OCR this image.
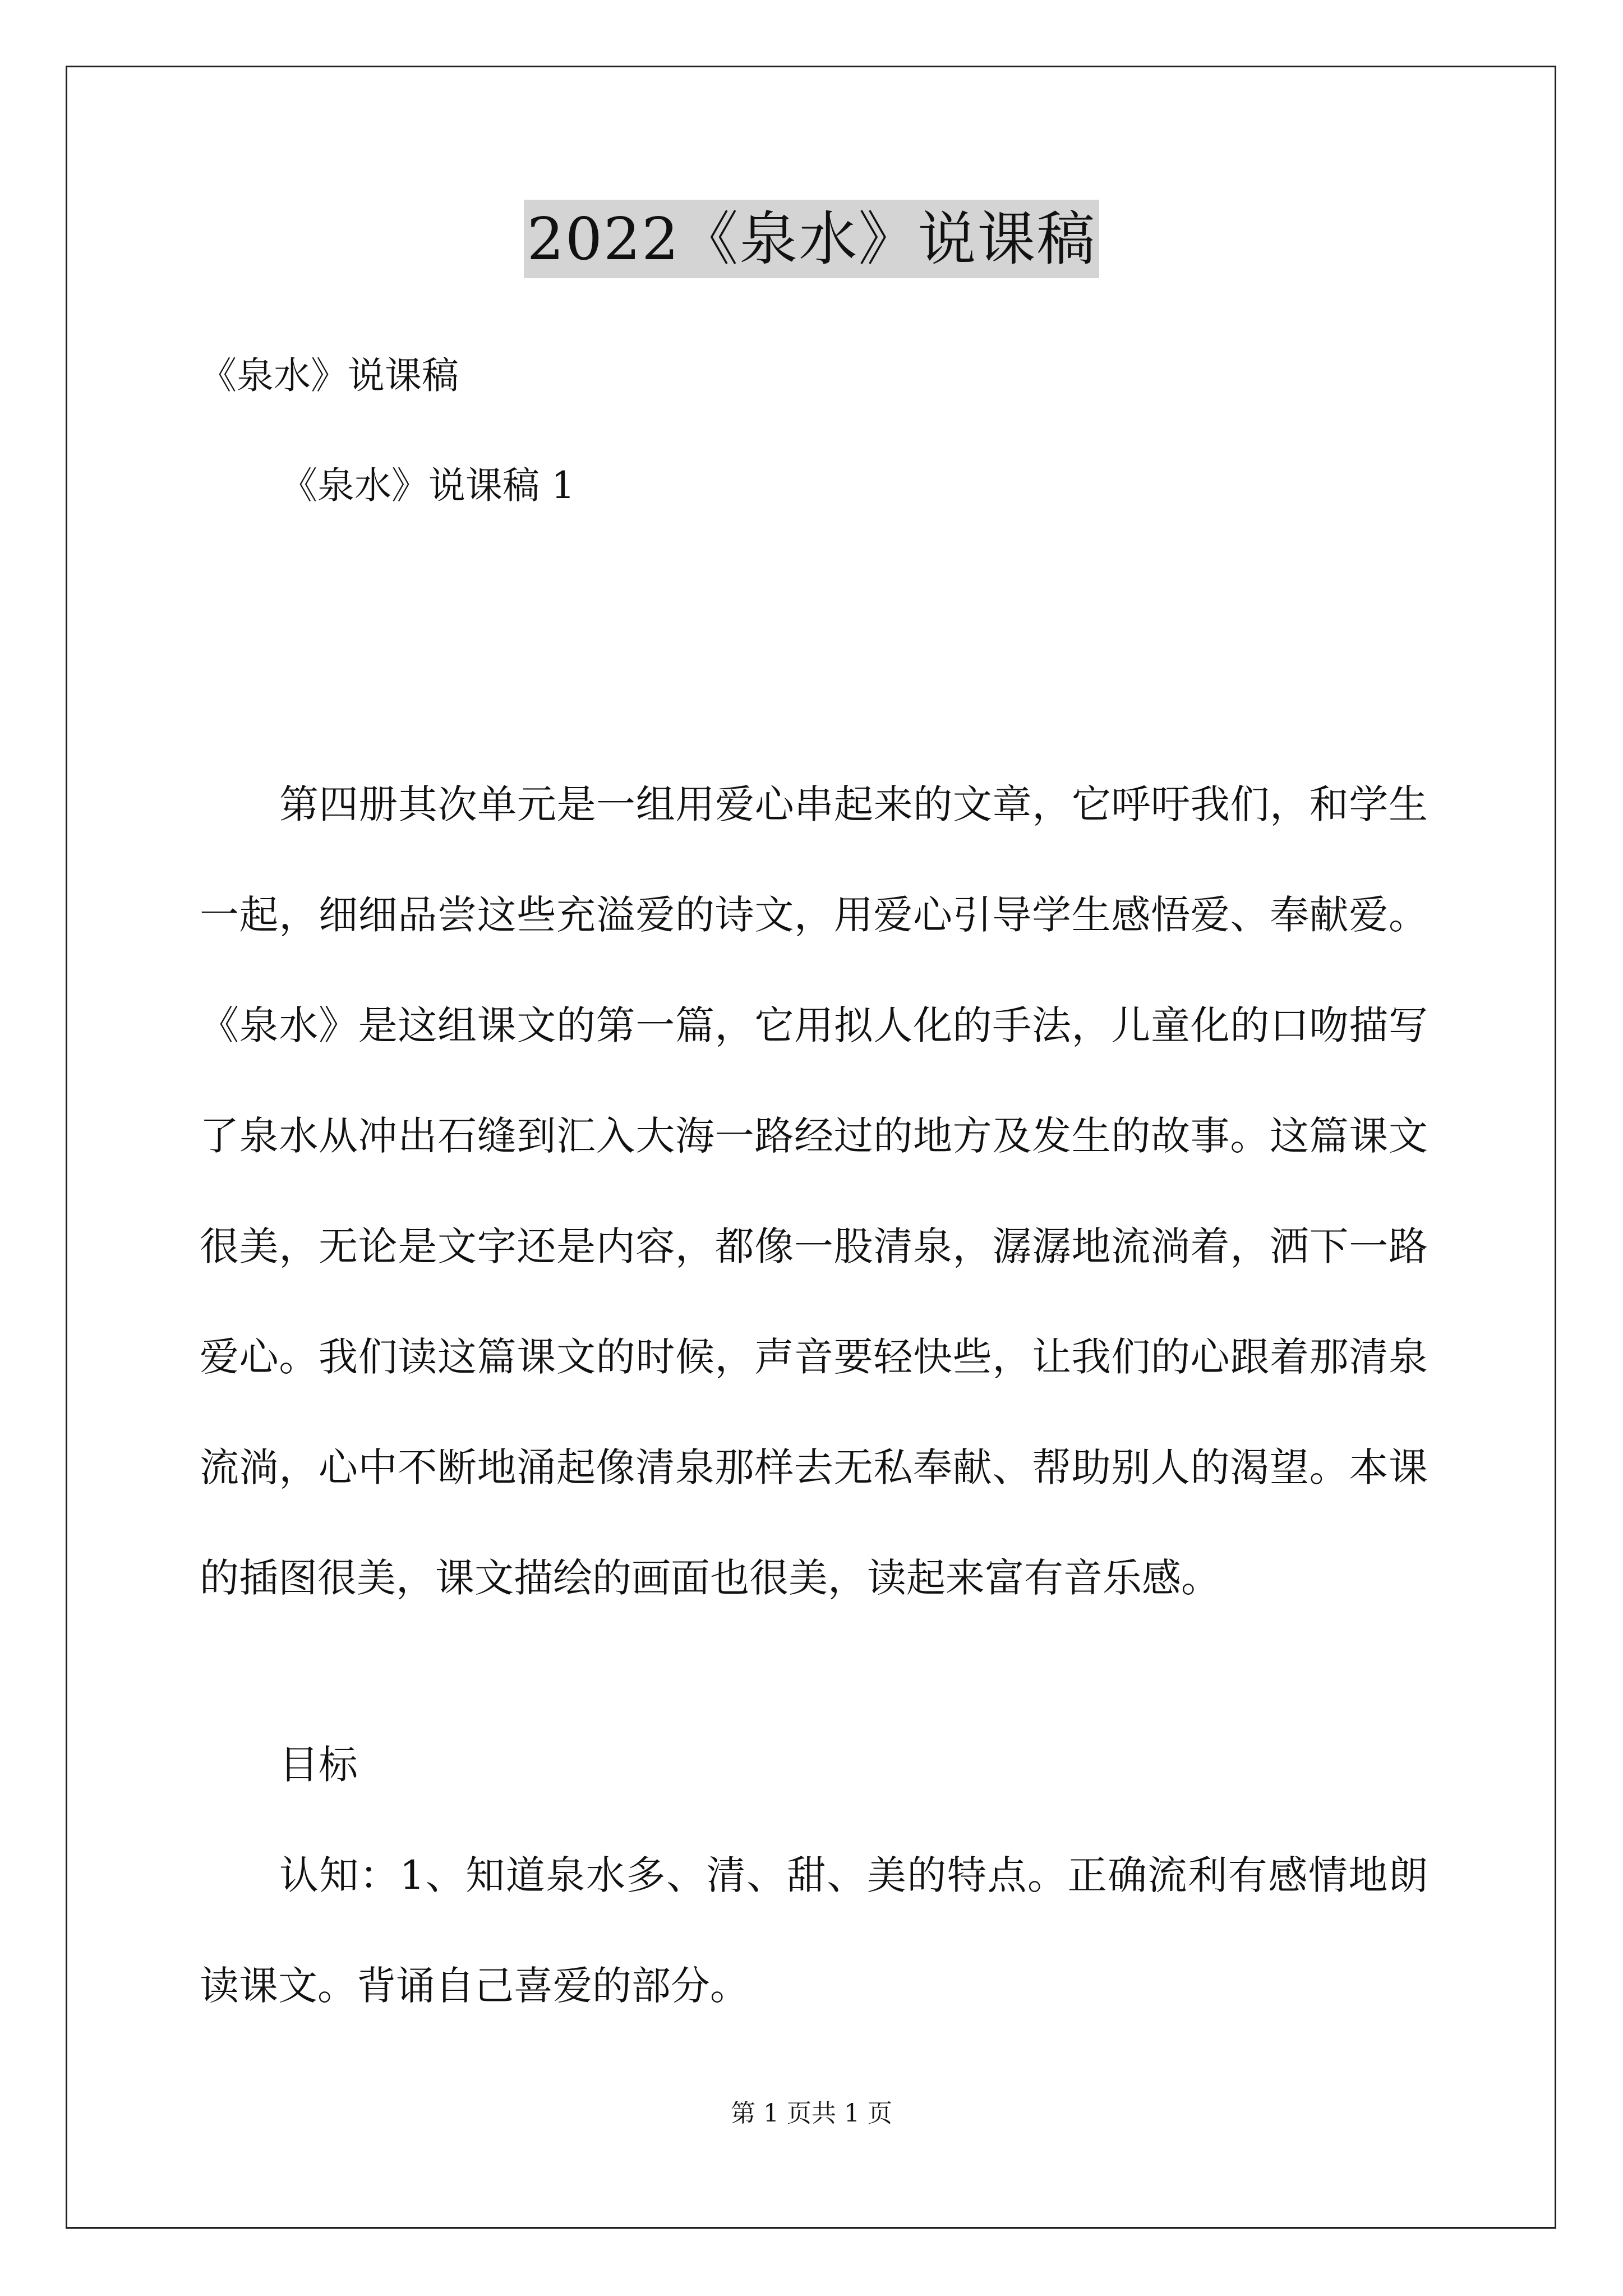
2022《泉水》说课稿
《泉水》说课稿
《泉水》说课稿 1

第四册其次单元是一组用爱心串起来的文章，它呼吁我们，和学生一起，细细品尝这些充溢爱的诗文，用爱心引导学生感悟爱、奉献爱。《泉水》是这组课文的第一篇，它用拟人化的手法，儿童化的口吻描写了泉水从冲出石缝到汇入大海一路经过的地方及发生的故事。这篇课文很美，无论是文字还是内容，都像一股清泉，潺潺地流淌着，洒下一路爱心。我们读这篇课文的时候，声音要轻快些，让我们的心跟着那清泉流淌，心中不断地涌起像清泉那样去无私奉献、帮助别人的渴望。本课的插图很美，课文描绘的画面也很美，读起来富有音乐感。

目标

认知：1、知道泉水多、清、甜、美的特点。正确流利有感情地朗读课文。背诵自己喜爱的部分。

第 1 页共 1 页
